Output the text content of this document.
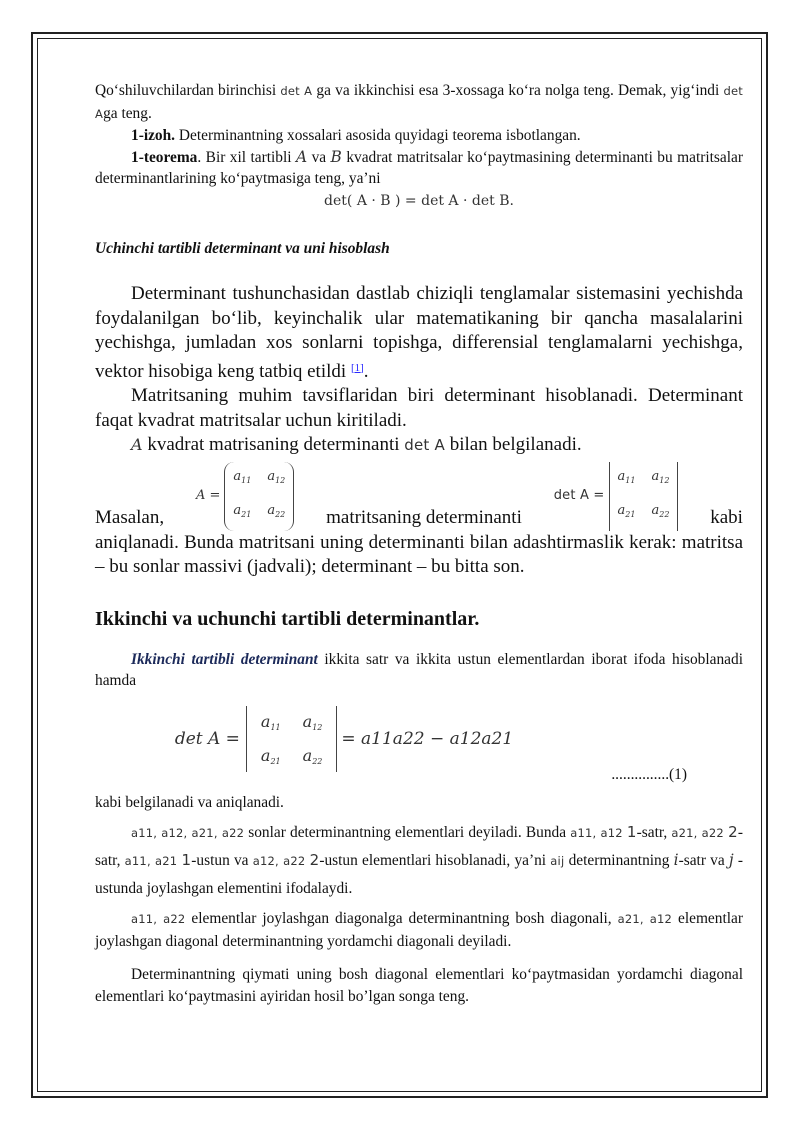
Qo‘shiluvchilardan birinchisi det A ga va ikkinchisi esa 3-xossaga ko‘ra nolga teng. Demak, yig‘indi det Aga teng.

1-izoh. Determinantning xossalari asosida quyidagi teorema isbotlangan.

1-teorema. Bir xil tartibli A va B kvadrat matritsalar ko‘paytmasining determinanti bu matritsalar determinantlarining ko‘paytmasiga teng, ya’ni

det( A · B ) = det A · det B.

Uchinchi tartibli determinant va uni hisoblash

Determinant tushunchasidan dastlab chiziqli tenglamalar sistemasini yechishda foydalanilgan bo‘lib, keyinchalik ular matematikaning bir qancha masalalarini yechishga, jumladan xos sonlarni topishga, differensial tenglamalarni yechishga, vektor hisobiga keng tatbiq etildi [1].

Matritsaning muhim tavsiflaridan biri determinant hisoblanadi. Determinant faqat kvadrat matritsalar uchun kiritiladi.

A kvadrat matrisaning determinanti det A bilan belgilanadi.

Masalan,
A =
$a_{11}$ $a_{12}$
$a_{21}$ $a_{22}$ matritsaning determinanti
det A =
$a_{11}$ $a_{12}$
$a_{21}$ $a_{22}$ kabi

aniqlanadi. Bunda matritsani uning determinanti bilan adashtirmaslik kerak: matritsa – bu sonlar massivi (jadvali); determinant – bu bitta son.

Ikkinchi va uchunchi tartibli determinantlar.

Ikkinchi tartibli determinant ikkita satr va ikkita ustun elementlardan iborat ifoda hisoblanadi hamda

det A =
$a_{11}$ $a_{12}$
$a_{21}$ $a_{22}$
= a11a22 − a12a21

...............(1)

kabi belgilanadi va aniqlanadi.

a11, a12, a21, a22 sonlar determinantning elementlari deyiladi. Bunda a11, a12 1-satr, a21, a22 2-satr, a11, a21 1-ustun va a12, a22 2-ustun elementlari hisoblanadi, ya’ni aij determinantning i-satr va j - ustunda joylashgan elementini ifodalaydi.

a11, a22 elementlar joylashgan diagonalga determinantning bosh diagonali, a21, a12 elementlar joylashgan diagonal determinantning yordamchi diagonali deyiladi.

Determinantning qiymati uning bosh diagonal elementlari ko‘paytmasidan yordamchi diagonal elementlari ko‘paytmasini ayiridan hosil bo’lgan songa teng.
